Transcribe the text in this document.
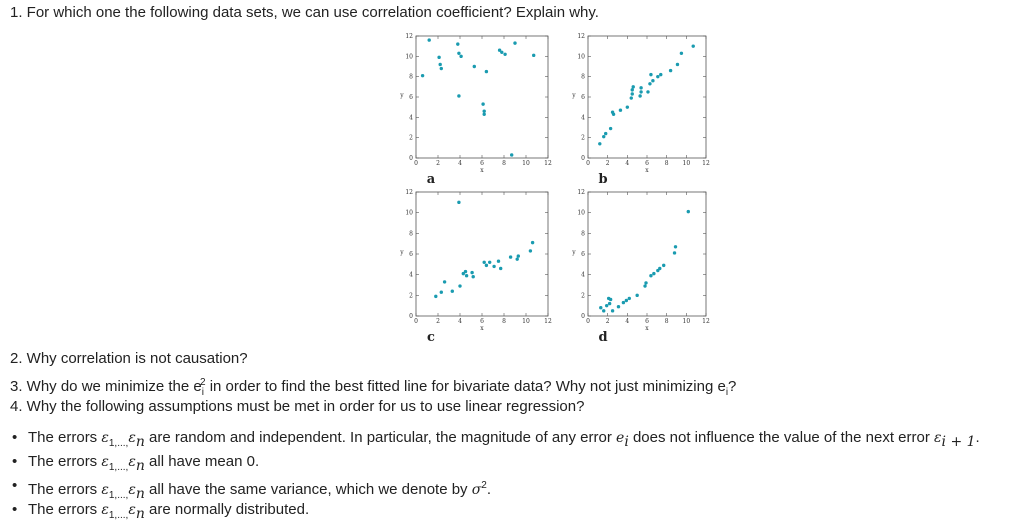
1. For which one the following data sets, we can use correlation coefficient? Explain why.
0	2	4	6	8	10 12
0
2
4
6
8
10
12
x
y
a
0	2	4	6	8 10 12
0
2
4
6
8
10
12
x
y
b
0	2	4	6	8	10 12
0
2
4
6
8
10
12
x
y
c
0	2	4	6	8 10 12
0
2
4
6
8
10
12
x
y
d
2. Why correlation is not causation?
3. Why do we minimize the $e_i^2$ in order to find the best fitted line for bivariate data? Why not just minimizing $e_i$?
4. Why the following assumptions must be met in order for us to use linear regression?
• The errors $\varepsilon_{1,...,}\varepsilon_n$ are random and independent. In particular, the magnitude of any error $e_i$ does not influence the value of the next error $\varepsilon_{i + 1}$.
• The errors $\varepsilon_{1,...,}\varepsilon_n$ all have mean 0.
• The errors $\varepsilon_{1,...,}\varepsilon_n$ all have the same variance, which we denote by $\sigma^2$.
• The errors $\varepsilon_{1,...,}\varepsilon_n$ are normally distributed.
